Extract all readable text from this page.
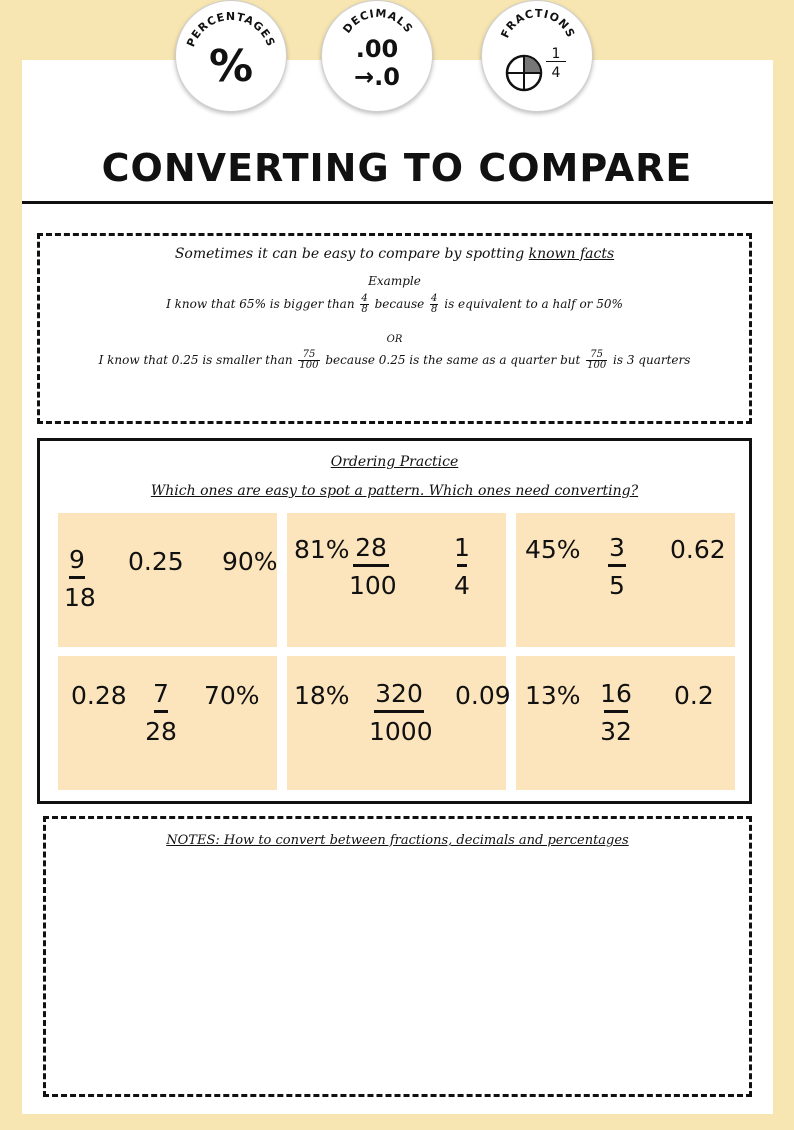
PERCENTAGES
%
DECIMALS
.00
→.0
FRACTIONS
1
4
CONVERTING TO COMPARE
Sometimes it can be easy to compare by spotting known facts
Example
I know that 65% is bigger than $\frac{4}{8}$ because $\frac{4}{8}$ is equivalent to a half or 50%
OR
I know that 0.25 is smaller than $\frac{75}{100}$ because 0.25 is the same as a quarter but $\frac{75}{100}$ is 3 quarters
Ordering Practice
Which ones are easy to spot a pattern. Which ones need converting?
9
18
0.25 90% 81% 28
100
1
4
45% 3
5
0.62
0.28	7
28
70% 18% 320
1000
0.09 13% 16
32
0.2
NOTES: How to convert between fractions, decimals and percentages
